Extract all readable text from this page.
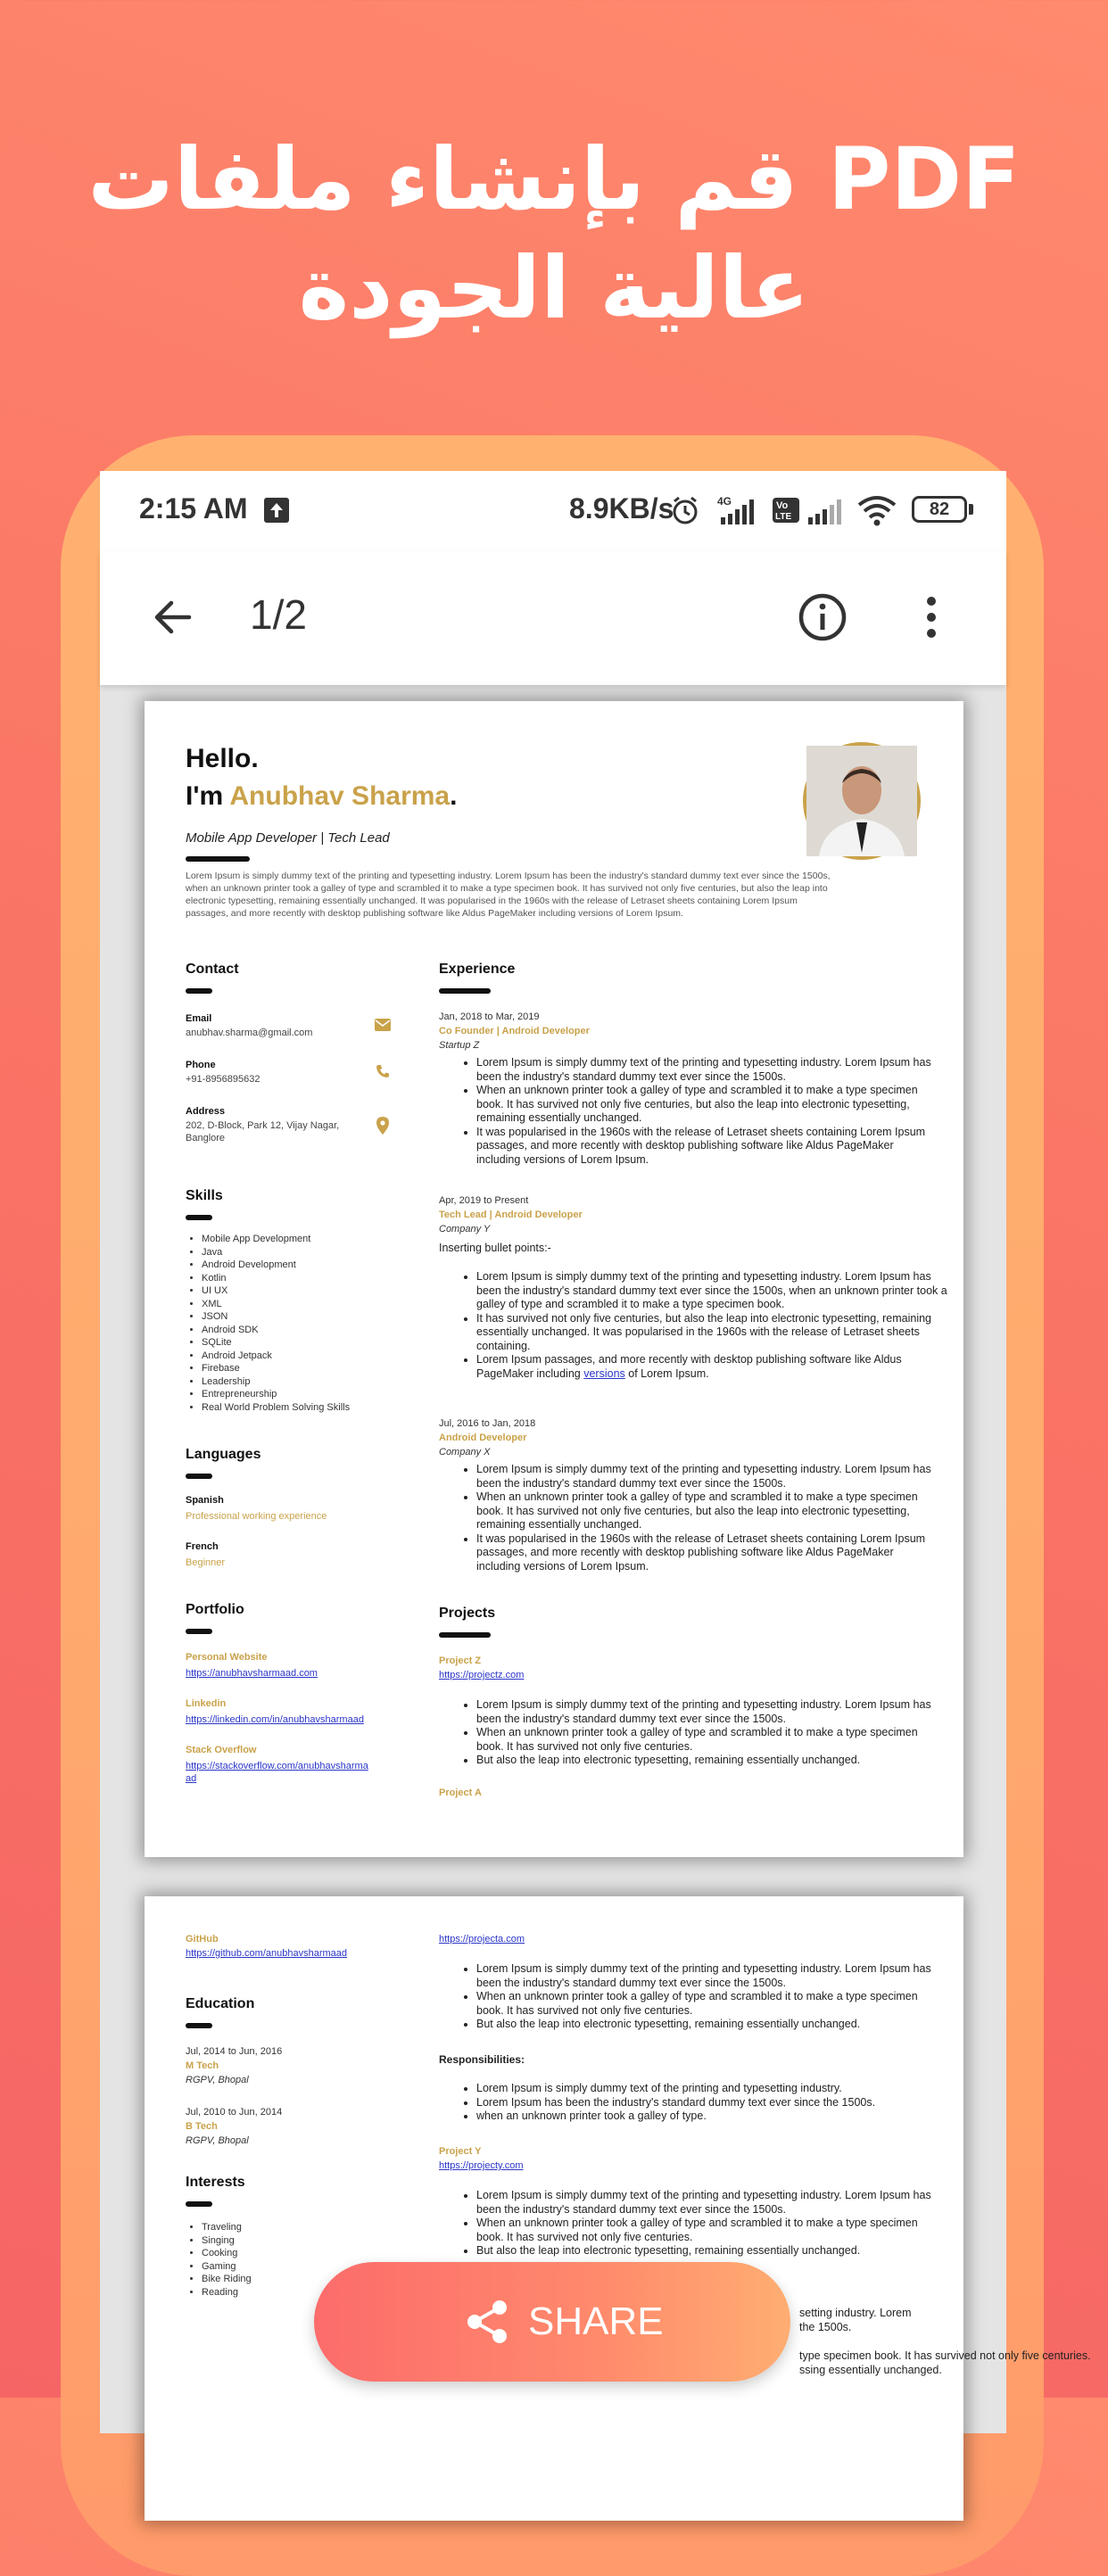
قم بإنشاء ملفات PDF
عالية الجودة
2:15 AM	8.9KB/s	4G	Vo
LTE	82
1/2
Hello.
I'm Anubhav Sharma.
Mobile App Developer | Tech Lead
Lorem Ipsum is simply dummy text of the printing and typesetting industry. Lorem Ipsum has been the industry's standard dummy text ever since the 1500s,
when an unknown printer took a galley of type and scrambled it to make a type specimen book. It has survived not only five centuries, but also the leap into
electronic typesetting, remaining essentially unchanged. It was popularised in the 1960s with the release of Letraset sheets containing Lorem Ipsum
passages, and more recently with desktop publishing software like Aldus PageMaker including versions of Lorem Ipsum.
Contact
Email
anubhav.sharma@gmail.com
Phone
+91-8956895632
Address
202, D-Block, Park 12, Vijay Nagar,
Banglore
Skills
• Mobile App Development
• Java
• Android Development
• Kotlin
• UI UX
• XML
• JSON
• Android SDK
• SQLite
• Android Jetpack
• Firebase
• Leadership
• Entrepreneurship
• Real World Problem Solving Skills
Languages
Spanish
Professional working experience
French
Beginner
Portfolio
Personal Website
https://anubhavsharmaad.com
Linkedin
https://linkedin.com/in/anubhavsharmaad
Stack Overflow
https://stackoverflow.com/anubhavsharma
ad
Experience
Jan, 2018 to Mar, 2019
Co Founder | Android Developer
Startup Z
• Lorem Ipsum is simply dummy text of the printing and typesetting industry. Lorem Ipsum has been the industry's standard dummy text ever since the 1500s.
• When an unknown printer took a galley of type and scrambled it to make a type specimen book. It has survived not only five centuries, but also the leap into electronic typesetting, remaining essentially unchanged.
• It was popularised in the 1960s with the release of Letraset sheets containing Lorem Ipsum passages, and more recently with desktop publishing software like Aldus PageMaker including versions of Lorem Ipsum.
Apr, 2019 to Present
Tech Lead | Android Developer
Company Y
Inserting bullet points:-
• Lorem Ipsum is simply dummy text of the printing and typesetting industry. Lorem Ipsum has been the industry's standard dummy text ever since the 1500s, when an unknown printer took a galley of type and scrambled it to make a type specimen book.
• It has survived not only five centuries, but also the leap into electronic typesetting, remaining essentially unchanged. It was popularised in the 1960s with the release of Letraset sheets containing.
• Lorem Ipsum passages, and more recently with desktop publishing software like Aldus PageMaker including versions of Lorem Ipsum.
Jul, 2016 to Jan, 2018
Android Developer
Company X
• Lorem Ipsum is simply dummy text of the printing and typesetting industry. Lorem Ipsum has been the industry's standard dummy text ever since the 1500s.
• When an unknown printer took a galley of type and scrambled it to make a type specimen book. It has survived not only five centuries, but also the leap into electronic typesetting, remaining essentially unchanged.
• It was popularised in the 1960s with the release of Letraset sheets containing Lorem Ipsum passages, and more recently with desktop publishing software like Aldus PageMaker including versions of Lorem Ipsum.
Projects
Project Z
https://projectz.com
• Lorem Ipsum is simply dummy text of the printing and typesetting industry. Lorem Ipsum has been the industry's standard dummy text ever since the 1500s.
• When an unknown printer took a galley of type and scrambled it to make a type specimen book. It has survived not only five centuries.
• But also the leap into electronic typesetting, remaining essentially unchanged.
Project A
GitHub
https://github.com/anubhavsharmaad
Education
Jul, 2014 to Jun, 2016
M Tech
RGPV, Bhopal
Jul, 2010 to Jun, 2014
B Tech
RGPV, Bhopal
Interests
• Traveling
• Singing
• Cooking
• Gaming
• Bike Riding
• Reading
https://projecta.com
• Lorem Ipsum is simply dummy text of the printing and typesetting industry. Lorem Ipsum has been the industry's standard dummy text ever since the 1500s.
• When an unknown printer took a galley of type and scrambled it to make a type specimen book. It has survived not only five centuries.
• But also the leap into electronic typesetting, remaining essentially unchanged.
Responsibilities:
• Lorem Ipsum is simply dummy text of the printing and typesetting industry.
• Lorem Ipsum has been the industry's standard dummy text ever since the 1500s.
• when an unknown printer took a galley of type.
Project Y
https://projecty.com
• Lorem Ipsum is simply dummy text of the printing and typesetting industry. Lorem Ipsum has been the industry's standard dummy text ever since the 1500s.
• When an unknown printer took a galley of type and scrambled it to make a type specimen book. It has survived not only five centuries.
• But also the leap into electronic typesetting, remaining essentially unchanged.
setting industry. Lorem
the 1500s.
type specimen book. It has survived not only five centuries.
ssing essentially unchanged.
SHARE
